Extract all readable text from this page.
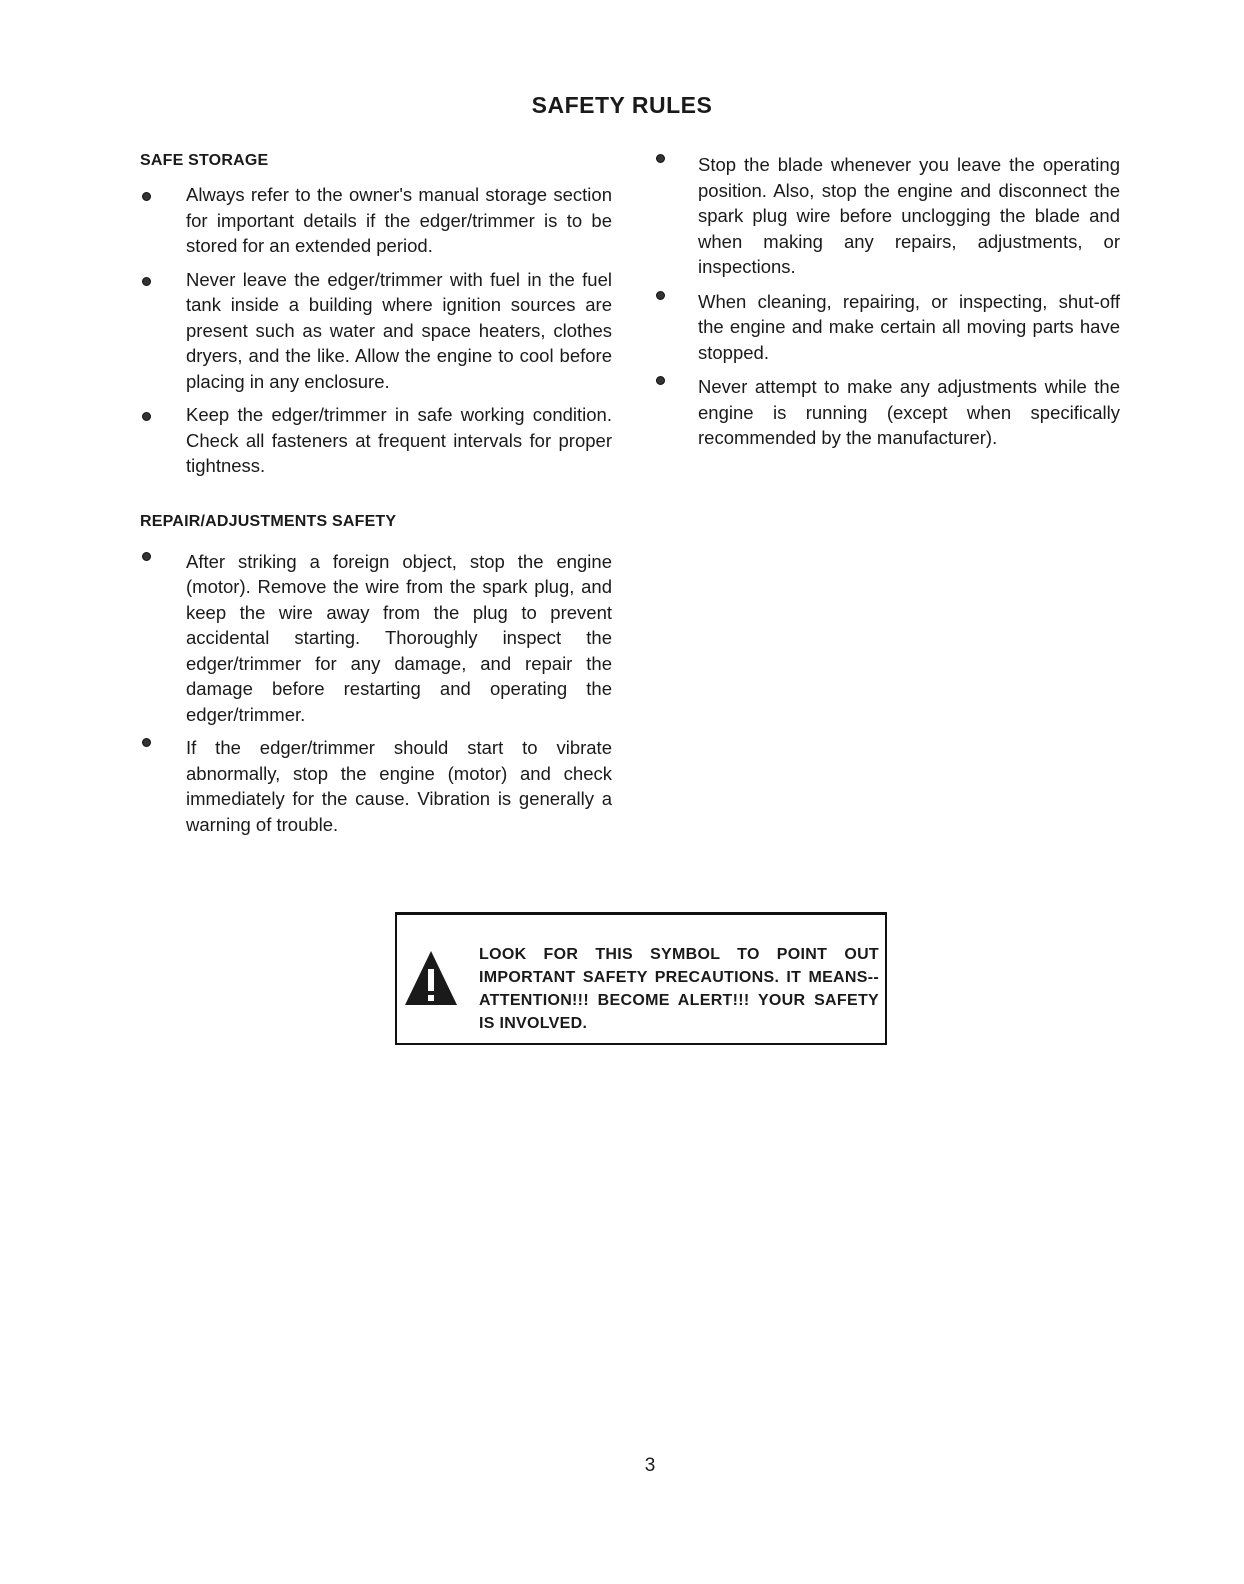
SAFETY RULES
SAFE STORAGE
Always refer to the owner's manual storage section for important details if the edger/trimmer is to be stored for an extended period.
Never leave the edger/trimmer with fuel in the fuel tank inside a building where ignition sources are present such as water and space heaters, clothes dryers, and the like. Allow the engine to cool before placing in any enclosure.
Keep the edger/trimmer in safe working condition. Check all fasteners at frequent intervals for proper tightness.
REPAIR/ADJUSTMENTS SAFETY
After striking a foreign object, stop the engine (motor). Remove the wire from the spark plug, and keep the wire away from the plug to prevent accidental starting. Thoroughly inspect the edger/trimmer for any damage, and repair the damage before restarting and operating the edger/trimmer.
If the edger/trimmer should start to vibrate abnormally, stop the engine (motor) and check immediately for the cause. Vibration is generally a warning of trouble.
Stop the blade whenever you leave the operating position. Also, stop the engine and disconnect the spark plug wire before unclogging the blade and when making any repairs, adjustments, or inspections.
When cleaning, repairing, or inspecting, shut-off the engine and make certain all moving parts have stopped.
Never attempt to make any adjustments while the engine is running (except when specifically recommended by the manufacturer).
LOOK FOR THIS SYMBOL TO POINT OUT IMPORTANT SAFETY PRECAUTIONS. IT MEANS--ATTENTION!!! BECOME ALERT!!! YOUR SAFETY IS INVOLVED.
3
